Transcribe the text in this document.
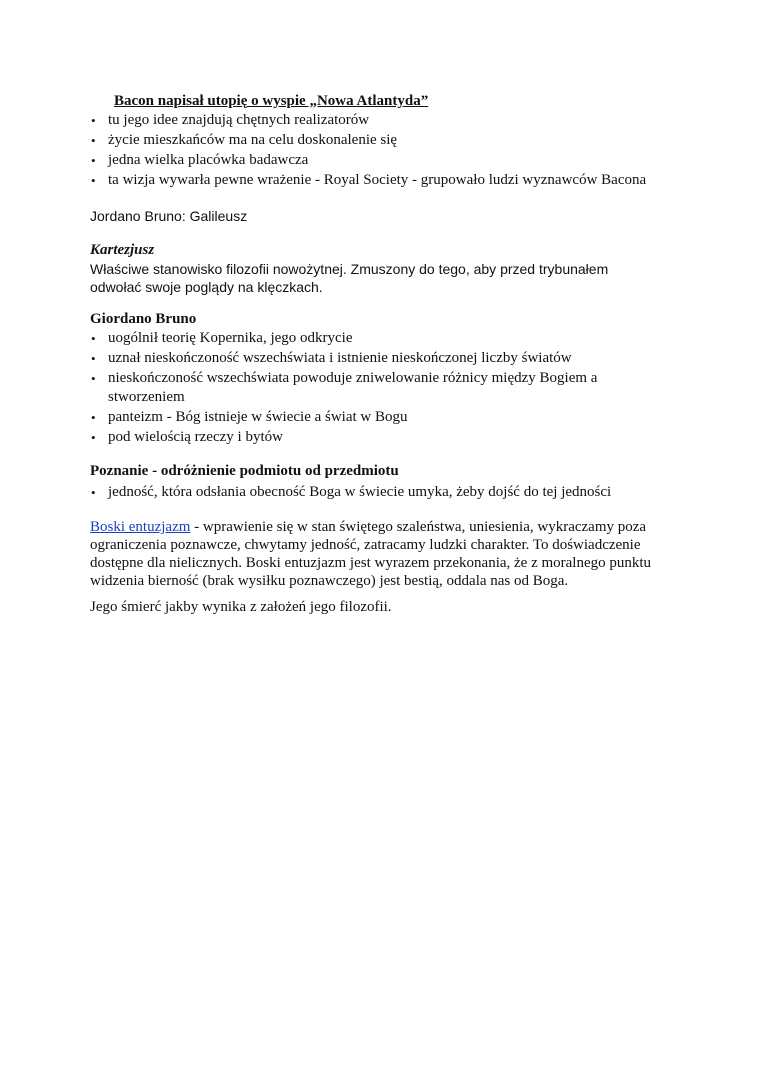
Bacon napisał utopię o wyspie „Nowa Atlantyda”
• tu jego idee znajdują chętnych realizatorów
• życie mieszkańców ma na celu doskonalenie się
• jedna wielka placówka badawcza
• ta wizja wywarła pewne wrażenie - Royal Society - grupowało ludzi wyznawców Bacona

Jordano Bruno: Galileusz

Kartezjusz

Właściwe stanowisko filozofii nowożytnej. Zmuszony do tego, aby przed trybunałem

odwołać swoje poglądy na klęczkach.

Giordano Bruno

• uogólnił teorię Kopernika, jego odkrycie
• uznał nieskończoność wszechświata i istnienie nieskończonej liczby światów
• nieskończoność wszechświata powoduje zniwelowanie różnicy między Bogiem a
stworzeniem
• panteizm - Bóg istnieje w świecie a świat w Bogu
• pod wielością rzeczy i bytów

Poznanie - odróżnienie podmiotu od przedmiotu

• jedność, która odsłania obecność Boga w świecie umyka, żeby dojść do tej jedności

Boski entuzjazm - wprawienie się w stan świętego szaleństwa, uniesienia, wykraczamy poza

ograniczenia poznawcze, chwytamy jedność, zatracamy ludzki charakter. To doświadczenie

dostępne dla nielicznych. Boski entuzjazm jest wyrazem przekonania, że z moralnego punktu

widzenia bierność (brak wysiłku poznawczego) jest bestią, oddala nas od Boga.

Jego śmierć jakby wynika z założeń jego filozofii.
